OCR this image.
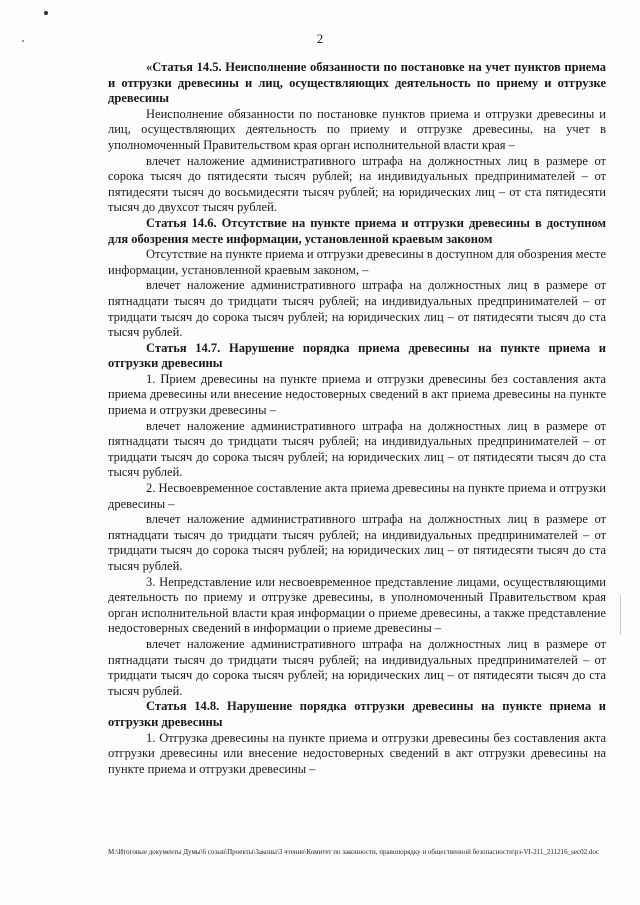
2

«Статья 14.5. Неисполнение обязанности по постановке на учет пунктов приема и отгрузки древесины и лиц, осуществляющих деятельность по приему и отгрузке древесины

Неисполнение обязанности по постановке пунктов приема и отгрузки древесины и лиц, осуществляющих деятельность по приему и отгрузке древесины, на учет в уполномоченный Правительством края орган исполнительной власти края –

влечет наложение административного штрафа на должностных лиц в размере от сорока тысяч до пятидесяти тысяч рублей; на индивидуальных предпринимателей – от пятидесяти тысяч до восьмидесяти тысяч рублей; на юридических лиц – от ста пятидесяти тысяч до двухсот тысяч рублей.

Статья 14.6. Отсутствие на пункте приема и отгрузки древесины в доступном для обозрения месте информации, установленной краевым законом

Отсутствие на пункте приема и отгрузки древесины в доступном для обозрения месте информации, установленной краевым законом, –

влечет наложение административного штрафа на должностных лиц в размере от пятнадцати тысяч до тридцати тысяч рублей; на индивидуальных предпринимателей – от тридцати тысяч до сорока тысяч рублей; на юридических лиц – от пятидесяти тысяч до ста тысяч рублей.

Статья 14.7. Нарушение порядка приема древесины на пункте приема и отгрузки древесины

1. Прием древесины на пункте приема и отгрузки древесины без составления акта приема древесины или внесение недостоверных сведений в акт приема древесины на пункте приема и отгрузки древесины –

влечет наложение административного штрафа на должностных лиц в размере от пятнадцати тысяч до тридцати тысяч рублей; на индивидуальных предпринимателей – от тридцати тысяч до сорока тысяч рублей; на юридических лиц – от пятидесяти тысяч до ста тысяч рублей.

2. Несвоевременное составление акта приема древесины на пункте приема и отгрузки древесины –

влечет наложение административного штрафа на должностных лиц в размере от пятнадцати тысяч до тридцати тысяч рублей; на индивидуальных предпринимателей – от тридцати тысяч до сорока тысяч рублей; на юридических лиц – от пятидесяти тысяч до ста тысяч рублей.

3. Непредставление или несвоевременное представление лицами, осуществляющими деятельность по приему и отгрузке древесины, в уполномоченный Правительством края орган исполнительной власти края информации о приеме древесины, а также представление недостоверных сведений в информации о приеме древесины –

влечет наложение административного штрафа на должностных лиц в размере от пятнадцати тысяч до тридцати тысяч рублей; на индивидуальных предпринимателей – от тридцати тысяч до сорока тысяч рублей; на юридических лиц – от пятидесяти тысяч до ста тысяч рублей.

Статья 14.8. Нарушение порядка отгрузки древесины на пункте приема и отгрузки древесины

1. Отгрузка древесины на пункте приема и отгрузки древесины без составления акта отгрузки древесины или внесение недостоверных сведений в акт отгрузки древесины на пункте приема и отгрузки древесины –

М:\Итоговые документы Думы\6 созыв\Проекты\Законы\3 чтение\Комитет по законности, правопорядку и общественной безопасности\рз-VI-211_211216_sec02.doc
